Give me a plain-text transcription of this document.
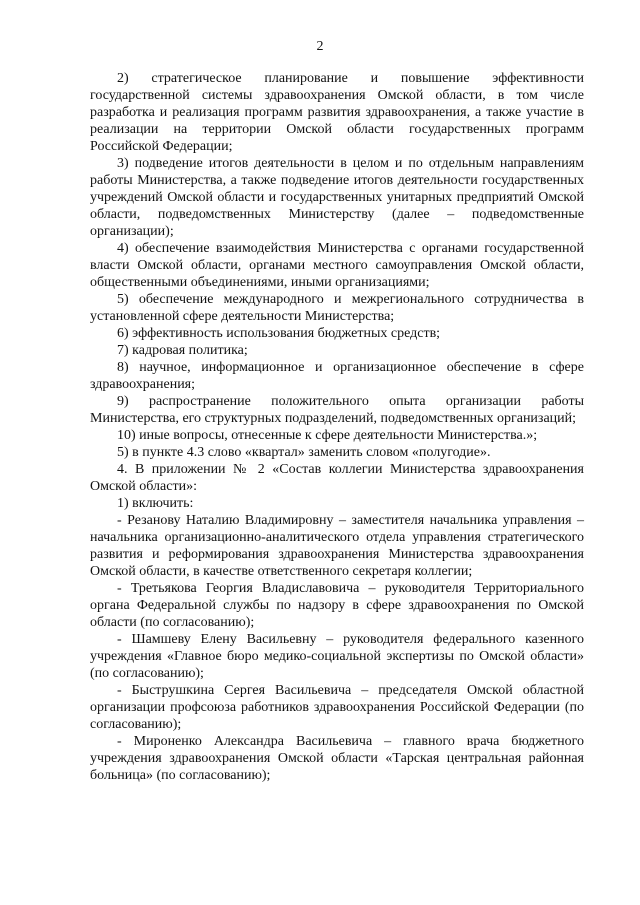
2

2) стратегическое планирование и повышение эффективности государственной системы здравоохранения Омской области, в том числе разработка и реализация программ развития здравоохранения, а также участие в реализации на территории Омской области государственных программ Российской Федерации;

3) подведение итогов деятельности в целом и по отдельным направлениям работы Министерства, а также подведение итогов деятельности государственных учреждений Омской области и государственных унитарных предприятий Омской области, подведомственных Министерству (далее – подведомственные организации);

4) обеспечение взаимодействия Министерства с органами государственной власти Омской области, органами местного самоуправления Омской области, общественными объединениями, иными организациями;

5) обеспечение международного и межрегионального сотрудничества в установленной сфере деятельности Министерства;

6) эффективность использования бюджетных средств;

7) кадровая политика;

8) научное, информационное и организационное обеспечение в сфере здравоохранения;

9) распространение положительного опыта организации работы Министерства, его структурных подразделений, подведомственных организаций;

10) иные вопросы, отнесенные к сфере деятельности Министерства.»;

5) в пункте 4.3 слово «квартал» заменить словом «полугодие».

4. В приложении № 2 «Состав коллегии Министерства здравоохранения Омской области»:

1) включить:

- Резанову Наталию Владимировну – заместителя начальника управления – начальника организационно-аналитического отдела управления стратегического развития и реформирования здравоохранения Министерства здравоохранения Омской области, в качестве ответственного секретаря коллегии;

- Третьякова Георгия Владиславовича – руководителя Территориального органа Федеральной службы по надзору в сфере здравоохранения по Омской области (по согласованию);

- Шамшеву Елену Васильевну – руководителя федерального казенного учреждения «Главное бюро медико-социальной экспертизы по Омской области» (по согласованию);

- Быструшкина Сергея Васильевича – председателя Омской областной организации профсоюза работников здравоохранения Российской Федерации (по согласованию);

- Мироненко Александра Васильевича – главного врача бюджетного учреждения здравоохранения Омской области «Тарская центральная районная больница» (по согласованию);
